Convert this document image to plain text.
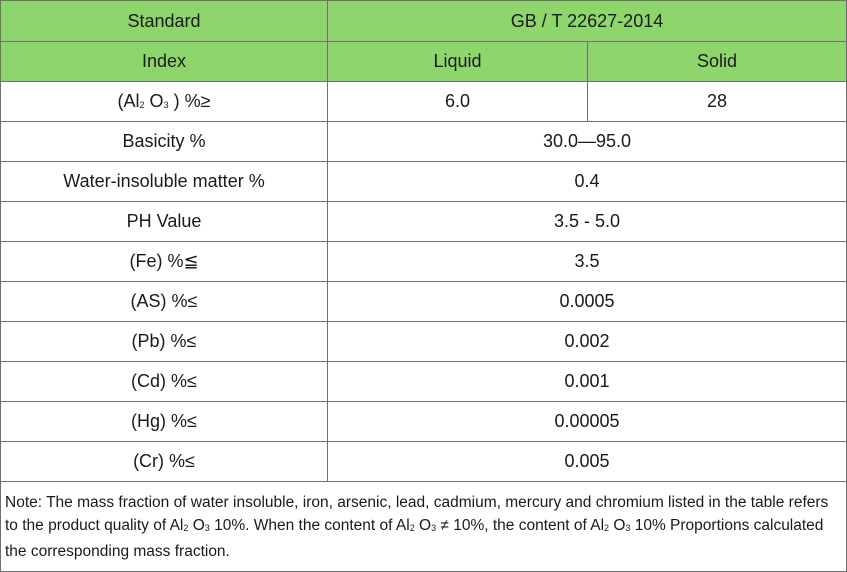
Standard	GB / T 22627-2014	
Index	Liquid	Solid
(Al2 O3 ) %≥	6.0	28
Basicity %	30.0—95.0	
Water-insoluble matter %	0.4	
PH Value	3.5 - 5.0	
(Fe) %≦	3.5	
(AS) %≤	0.0005	
(Pb) %≤	0.002	
(Cd) %≤	0.001	
(Hg) %≤	0.00005	
(Cr) %≤	0.005	
Note: The mass fraction of water insoluble, iron, arsenic, lead, cadmium, mercury and chromium listed in the table refers to the product quality of Al2 O3 10%. When the content of Al2 O3 ≠ 10%, the content of Al2 O3 10% Proportions calculated the corresponding mass fraction.		
